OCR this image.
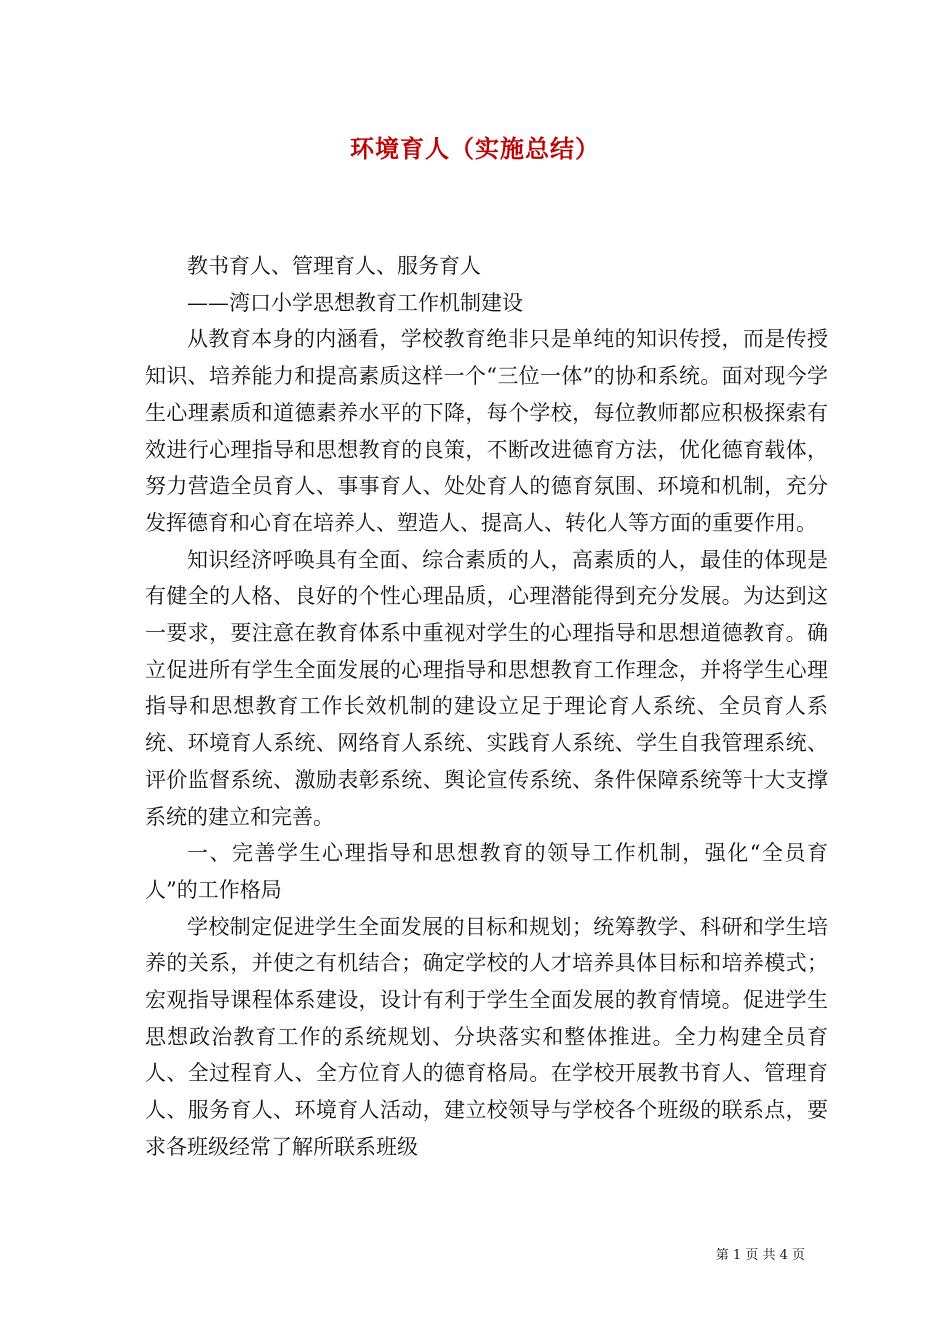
环境育人（实施总结）

教书育人、管理育人、服务育人

——湾口小学思想教育工作机制建设

从教育本身的内涵看，学校教育绝非只是单纯的知识传授，而是传授知识、培养能力和提高素质这样一个“三位一体”的协和系统。面对现今学生心理素质和道德素养水平的下降，每个学校，每位教师都应积极探索有效进行心理指导和思想教育的良策，不断改进德育方法，优化德育载体，努力营造全员育人、事事育人、处处育人的德育氛围、环境和机制，充分发挥德育和心育在培养人、塑造人、提高人、转化人等方面的重要作用。

知识经济呼唤具有全面、综合素质的人，高素质的人，最佳的体现是有健全的人格、良好的个性心理品质，心理潜能得到充分发展。为达到这一要求，要注意在教育体系中重视对学生的心理指导和思想道德教育。确立促进所有学生全面发展的心理指导和思想教育工作理念，并将学生心理指导和思想教育工作长效机制的建设立足于理论育人系统、全员育人系统、环境育人系统、网络育人系统、实践育人系统、学生自我管理系统、评价监督系统、激励表彰系统、舆论宣传系统、条件保障系统等十大支撑系统的建立和完善。

一、完善学生心理指导和思想教育的领导工作机制，强化“全员育人”的工作格局

学校制定促进学生全面发展的目标和规划；统筹教学、科研和学生培养的关系，并使之有机结合；确定学校的人才培养具体目标和培养模式；宏观指导课程体系建设，设计有利于学生全面发展的教育情境。促进学生思想政治教育工作的系统规划、分块落实和整体推进。全力构建全员育人、全过程育人、全方位育人的德育格局。在学校开展教书育人、管理育人、服务育人、环境育人活动，建立校领导与学校各个班级的联系点，要求各班级经常了解所联系班级

第 1 页 共 4 页
